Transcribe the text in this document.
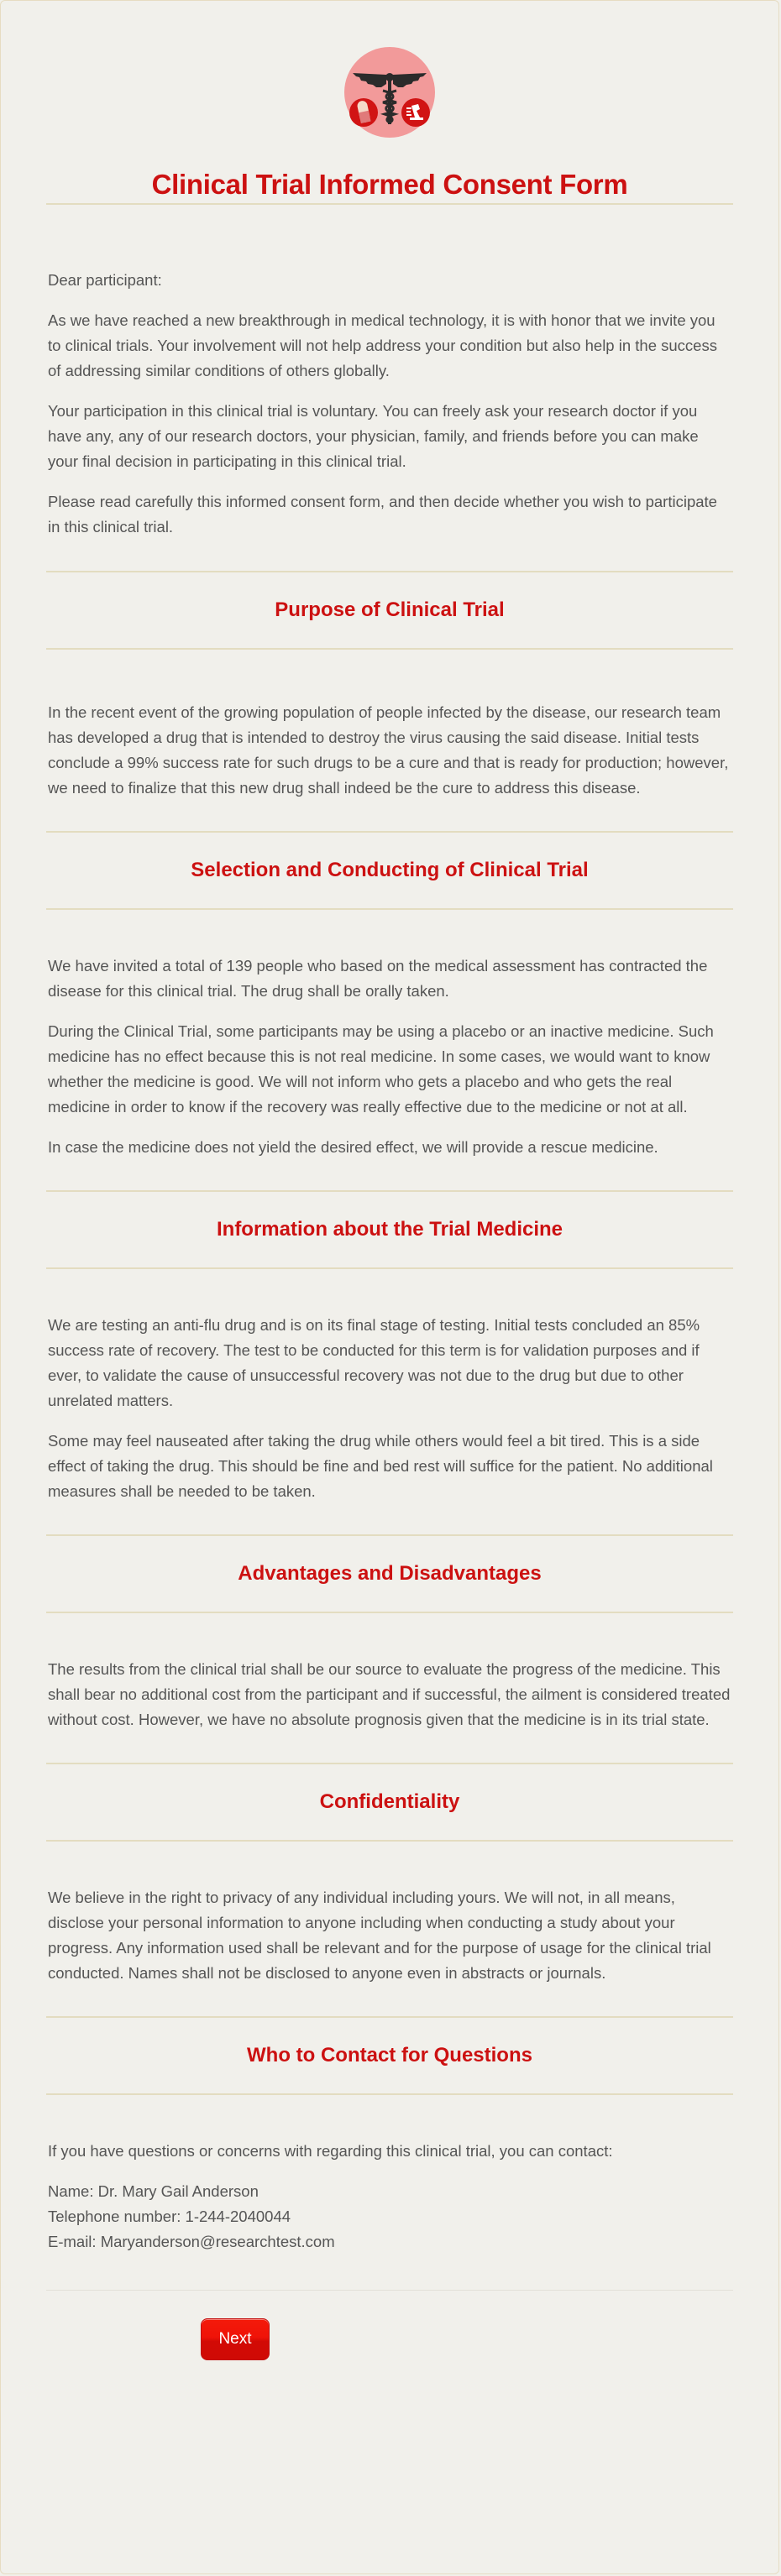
Clinical Trial Informed Consent Form

Dear participant:

As we have reached a new breakthrough in medical technology, it is with honor that we invite you to clinical trials. Your involvement will not help address your condition but also help in the success of addressing similar conditions of others globally.

Your participation in this clinical trial is voluntary. You can freely ask your research doctor if you have any, any of our research doctors, your physician, family, and friends before you can make your final decision in participating in this clinical trial.

Please read carefully this informed consent form, and then decide whether you wish to participate in this clinical trial.

Purpose of Clinical Trial

In the recent event of the growing population of people infected by the disease, our research team has developed a drug that is intended to destroy the virus causing the said disease. Initial tests conclude a 99% success rate for such drugs to be a cure and that is ready for production; however, we need to finalize that this new drug shall indeed be the cure to address this disease.

Selection and Conducting of Clinical Trial

We have invited a total of 139 people who based on the medical assessment has contracted the disease for this clinical trial. The drug shall be orally taken.

During the Clinical Trial, some participants may be using a placebo or an inactive medicine. Such medicine has no effect because this is not real medicine. In some cases, we would want to know whether the medicine is good. We will not inform who gets a placebo and who gets the real medicine in order to know if the recovery was really effective due to the medicine or not at all.

In case the medicine does not yield the desired effect, we will provide a rescue medicine.

Information about the Trial Medicine

We are testing an anti-flu drug and is on its final stage of testing. Initial tests concluded an 85% success rate of recovery. The test to be conducted for this term is for validation purposes and if ever, to validate the cause of unsuccessful recovery was not due to the drug but due to other unrelated matters.

Some may feel nauseated after taking the drug while others would feel a bit tired. This is a side effect of taking the drug. This should be fine and bed rest will suffice for the patient. No additional measures shall be needed to be taken.

Advantages and Disadvantages

The results from the clinical trial shall be our source to evaluate the progress of the medicine. This shall bear no additional cost from the participant and if successful, the ailment is considered treated without cost. However, we have no absolute prognosis given that the medicine is in its trial state.

Confidentiality

We believe in the right to privacy of any individual including yours. We will not, in all means, disclose your personal information to anyone including when conducting a study about your progress. Any information used shall be relevant and for the purpose of usage for the clinical trial conducted. Names shall not be disclosed to anyone even in abstracts or journals.

Who to Contact for Questions

If you have questions or concerns with regarding this clinical trial, you can contact:

Name: Dr. Mary Gail Anderson

Telephone number: 1-244-2040044

E-mail: Maryanderson@researchtest.com

Next
